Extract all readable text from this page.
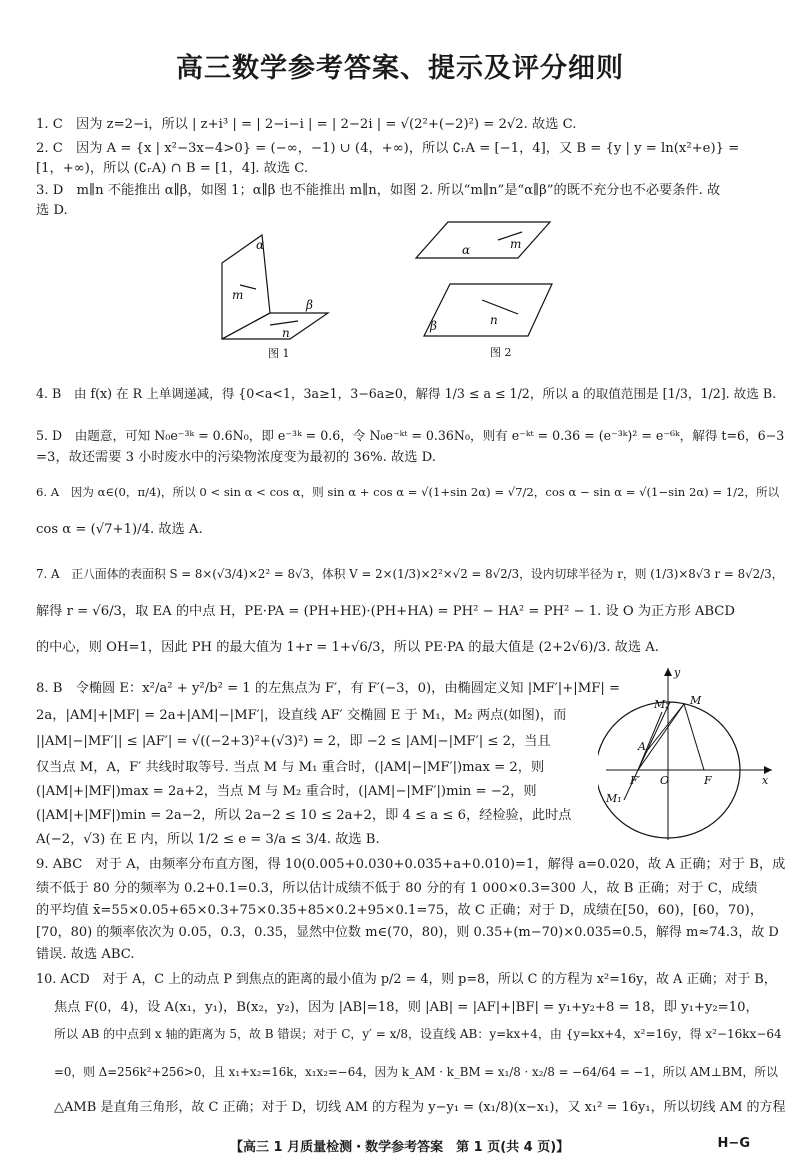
高三数学参考答案、提示及评分细则
1. C　因为 z=2−i，所以 | z+i³ | = | 2−i−i | = | 2−2i | = √(2²+(−2)²) = 2√2. 故选 C.
2. C　因为 A = {x | x²−3x−4>0} = (−∞，−1) ∪ (4，+∞)，所以 ∁ᵣA = [−1，4]，又 B = {y | y = ln(x²+e)} =
[1，+∞)，所以 (∁ᵣA) ∩ B = [1，4]. 故选 C.
3. D　m∥n 不能推出 α∥β，如图 1；α∥β 也不能推出 m∥n，如图 2. 所以“m∥n”是“α∥β”的既不充分也不必要条件. 故
选 D.
α
m
n
β
图 1
α	m
n
β
图 2
4. B　由 f(x) 在 R 上单调递减，得 {0<a<1，3a≥1，3−6a≥0，解得 1/3 ≤ a ≤ 1/2，所以 a 的取值范围是 [1/3，1/2]. 故选 B.
5. D　由题意，可知 N₀e⁻³ᵏ = 0.6N₀，即 e⁻³ᵏ = 0.6，令 N₀e⁻ᵏᵗ = 0.36N₀，则有 e⁻ᵏᵗ = 0.36 = (e⁻³ᵏ)² = e⁻⁶ᵏ，解得 t=6，6−3
=3，故还需要 3 小时废水中的污染物浓度变为最初的 36%. 故选 D.
6. A　因为 α∈(0，π/4)，所以 0 < sin α < cos α，则 sin α + cos α = √(1+sin 2α) = √7/2，cos α − sin α = √(1−sin 2α) = 1/2，所以
cos α = (√7+1)/4. 故选 A.
7. A　正八面体的表面积 S = 8×(√3/4)×2² = 8√3，体积 V = 2×(1/3)×2²×√2 = 8√2/3，设内切球半径为 r，则 (1/3)×8√3 r = 8√2/3，
解得 r = √6/3，取 EA 的中点 H，PE·PA = (PH+HE)·(PH+HA) = PH² − HA² = PH² − 1. 设 O 为正方形 ABCD
的中心，则 OH=1，因此 PH 的最大值为 1+r = 1+√6/3，所以 PE·PA 的最大值是 (2+2√6)/3. 故选 A.
8. B　令椭圆 E：x²/a² + y²/b² = 1 的左焦点为 F′，有 F′(−3，0)，由椭圆定义知 |MF′|+|MF| =
2a，|AM|+|MF| = 2a+|AM|−|MF′|，设直线 AF′ 交椭圆 E 于 M₁，M₂ 两点(如图)，而
||AM|−|MF′|| ≤ |AF′| = √((−2+3)²+(√3)²) = 2，即 −2 ≤ |AM|−|MF′| ≤ 2，当且
仅当点 M，A，F′ 共线时取等号. 当点 M 与 M₁ 重合时，(|AM|−|MF′|)max = 2，则
(|AM|+|MF|)max = 2a+2，当点 M 与 M₂ 重合时，(|AM|−|MF′|)min = −2，则
(|AM|+|MF|)min = 2a−2，所以 2a−2 ≤ 10 ≤ 2a+2，即 4 ≤ a ≤ 6，经检验，此时点
A(−2，√3) 在 E 内，所以 1/2 ≤ e = 3/a ≤ 3/4. 故选 B.
y
M₂ M
A
F′ O	F	x
M₁
9. ABC　对于 A，由频率分布直方图，得 10(0.005+0.030+0.035+a+0.010)=1，解得 a=0.020，故 A 正确；对于 B，成
绩不低于 80 分的频率为 0.2+0.1=0.3，所以估计成绩不低于 80 分的有 1 000×0.3=300 人，故 B 正确；对于 C，成绩
的平均值 x̄=55×0.05+65×0.3+75×0.35+85×0.2+95×0.1=75，故 C 正确；对于 D，成绩在[50，60)，[60，70)，
[70，80) 的频率依次为 0.05，0.3，0.35，显然中位数 m∈(70，80)，则 0.35+(m−70)×0.035=0.5，解得 m≈74.3，故 D
错误. 故选 ABC.
10. ACD　对于 A，C 上的动点 P 到焦点的距离的最小值为 p/2 = 4，则 p=8，所以 C 的方程为 x²=16y，故 A 正确；对于 B，
焦点 F(0，4)，设 A(x₁，y₁)，B(x₂，y₂)，因为 |AB|=18，则 |AB| = |AF|+|BF| = y₁+y₂+8 = 18，即 y₁+y₂=10，
所以 AB 的中点到 x 轴的距离为 5，故 B 错误；对于 C，y′ = x/8，设直线 AB：y=kx+4，由 {y=kx+4，x²=16y，得 x²−16kx−64
=0，则 Δ=256k²+256>0，且 x₁+x₂=16k，x₁x₂=−64，因为 k_AM · k_BM = x₁/8 · x₂/8 = −64/64 = −1，所以 AM⊥BM，所以
△AMB 是直角三角形，故 C 正确；对于 D，切线 AM 的方程为 y−y₁ = (x₁/8)(x−x₁)，又 x₁² = 16y₁，所以切线 AM 的方程
【高三 1 月质量检测・数学参考答案　第 1 页(共 4 页)】	H−G
